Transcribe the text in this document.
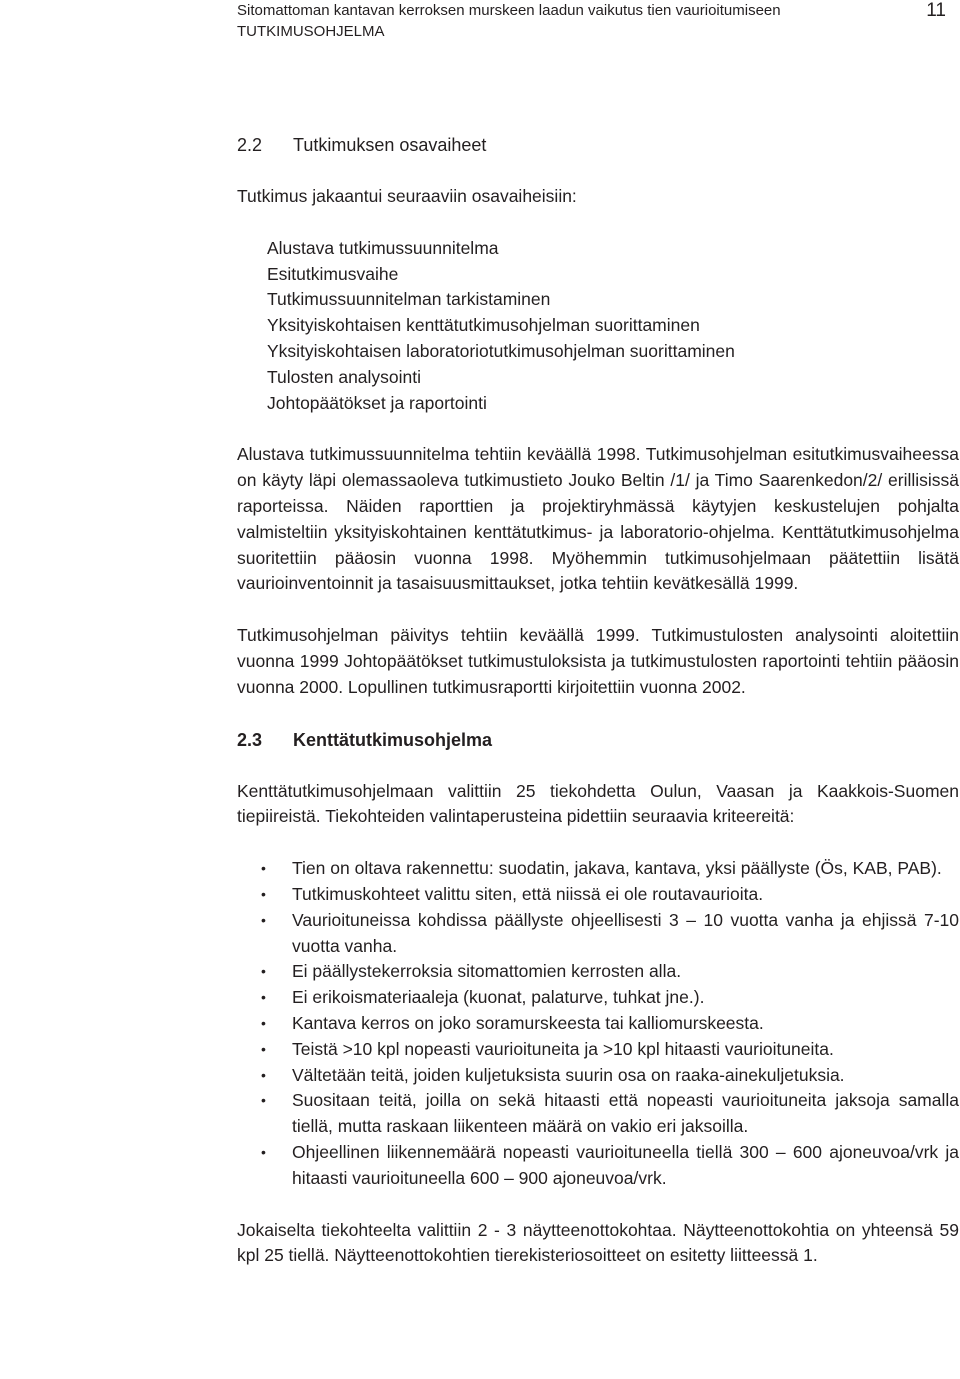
Sitomattoman kantavan kerroksen murskeen laadun vaikutus tien vaurioitumiseen
TUTKIMUSOHJELMA
11
2.2 Tutkimuksen osavaiheet

Tutkimus jakaantui seuraaviin osavaiheisiin:

Alustava tutkimussuunnitelma
Esitutkimusvaihe
Tutkimussuunnitelman tarkistaminen
Yksityiskohtaisen kenttätutkimusohjelman suorittaminen
Yksityiskohtaisen laboratoriotutkimusohjelman suorittaminen
Tulosten analysointi
Johtopäätökset ja raportointi

Alustava tutkimussuunnitelma tehtiin keväällä 1998. Tutkimusohjelman esitutkimusvaiheessa on käyty läpi olemassaoleva tutkimustieto Jouko Beltin /1/ ja Timo Saarenkedon/2/ erillisissä raporteissa. Näiden raporttien ja projektiryhmässä käytyjen keskustelujen pohjalta valmisteltiin yksityiskohtainen kenttätutkimus- ja laboratorio-ohjelma. Kenttätutkimusohjelma suoritettiin pääosin vuonna 1998. Myöhemmin tutkimusohjelmaan päätettiin lisätä vaurioinventoinnit ja tasaisuusmittaukset, jotka tehtiin kevätkesällä 1999.

Tutkimusohjelman päivitys tehtiin keväällä 1999. Tutkimustulosten analysointi aloitettiin vuonna 1999 Johtopäätökset tutkimustuloksista ja tutkimustulosten raportointi tehtiin pääosin vuonna 2000. Lopullinen tutkimusraportti kirjoitettiin vuonna 2002.

2.3 Kenttätutkimusohjelma

Kenttätutkimusohjelmaan valittiin 25 tiekohdetta Oulun, Vaasan ja Kaakkois-Suomen tiepiireistä. Tiekohteiden valintaperusteina pidettiin seuraavia kriteereitä:

• Tien on oltava rakennettu: suodatin, jakava, kantava, yksi päällyste (Ös, KAB, PAB).
• Tutkimuskohteet valittu siten, että niissä ei ole routavaurioita.
• Vaurioituneissa kohdissa päällyste ohjeellisesti 3 – 10 vuotta vanha ja ehjissä 7-10 vuotta vanha.
• Ei päällystekerroksia sitomattomien kerrosten alla.
• Ei erikoismateriaaleja (kuonat, palaturve, tuhkat jne.).
• Kantava kerros on joko soramurskeesta tai kalliomurskeesta.
• Teistä >10 kpl nopeasti vaurioituneita ja >10 kpl hitaasti vaurioituneita.
• Vältetään teitä, joiden kuljetuksista suurin osa on raaka-ainekuljetuksia.
• Suositaan teitä, joilla on sekä hitaasti että nopeasti vaurioituneita jaksoja samalla tiellä, mutta raskaan liikenteen määrä on vakio eri jaksoilla.
• Ohjeellinen liikennemäärä nopeasti vaurioituneella tiellä 300 – 600 ajoneuvoa/vrk ja hitaasti vaurioituneella 600 – 900 ajoneuvoa/vrk.

Jokaiselta tiekohteelta valittiin 2 - 3 näytteenottokohtaa. Näytteenottokohtia on yhteensä 59 kpl 25 tiellä. Näytteenottokohtien tierekisteriosoitteet on esitetty liitteessä 1.
